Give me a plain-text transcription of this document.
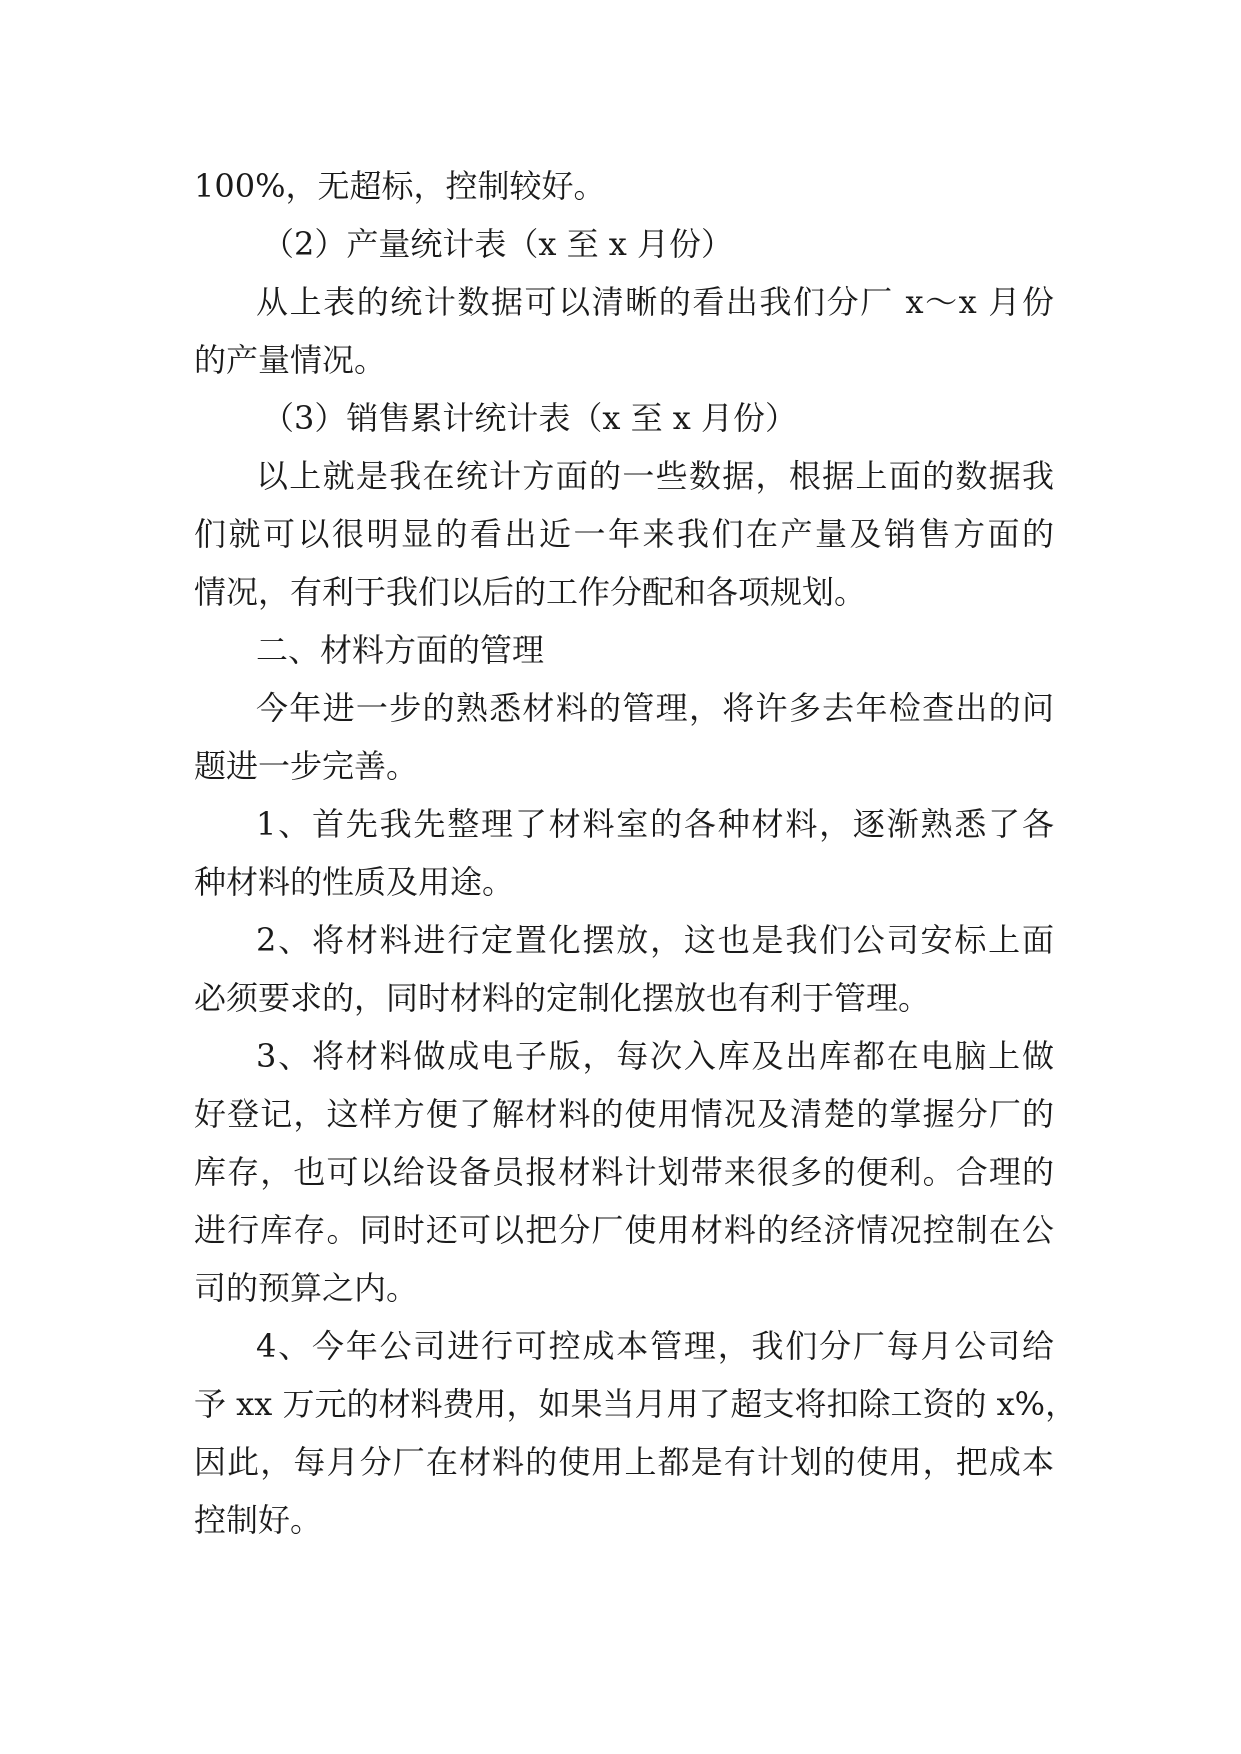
100%，无超标，控制较好。
（2）产量统计表（x 至 x 月份）
从上表的统计数据可以清晰的看出我们分厂 x～x 月份
的产量情况。
（3）销售累计统计表（x 至 x 月份）
以上就是我在统计方面的一些数据，根据上面的数据我
们就可以很明显的看出近一年来我们在产量及销售方面的
情况，有利于我们以后的工作分配和各项规划。
二、材料方面的管理
今年进一步的熟悉材料的管理，将许多去年检查出的问
题进一步完善。
1、首先我先整理了材料室的各种材料，逐渐熟悉了各
种材料的性质及用途。
2、将材料进行定置化摆放，这也是我们公司安标上面
必须要求的，同时材料的定制化摆放也有利于管理。
3、将材料做成电子版，每次入库及出库都在电脑上做
好登记，这样方便了解材料的使用情况及清楚的掌握分厂的
库存，也可以给设备员报材料计划带来很多的便利。合理的
进行库存。同时还可以把分厂使用材料的经济情况控制在公
司的预算之内。
4、今年公司进行可控成本管理，我们分厂每月公司给
予 xx 万元的材料费用，如果当月用了超支将扣除工资的 x%，
因此，每月分厂在材料的使用上都是有计划的使用，把成本
控制好。
